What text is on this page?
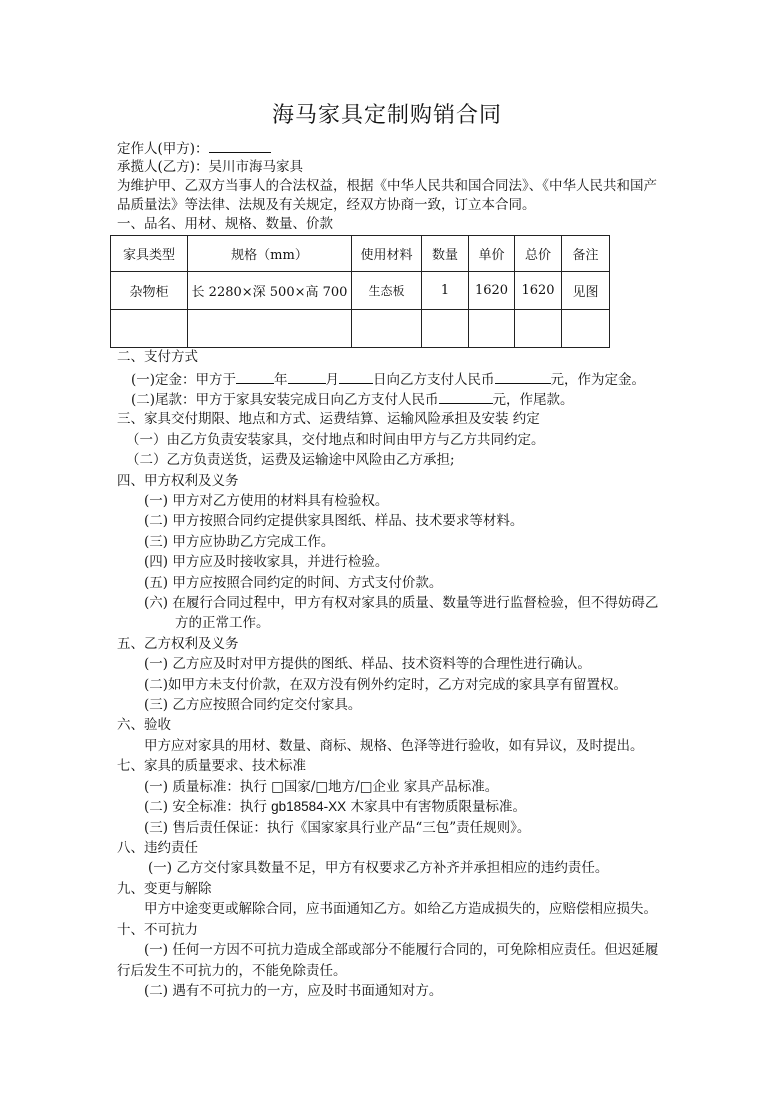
海马家具定制购销合同
定作人(甲方)：
承揽人(乙方)：吴川市海马家具
为维护甲、乙双方当事人的合法权益，根据《中华人民共和国合同法》、《中华人民共和国产
品质量法》等法律、法规及有关规定，经双方协商一致，订立本合同。
一、品名、用材、规格、数量、价款
家具类型	规格（mm）	使用材料	数量	单价	总价	备注
杂物柜	长 2280×深 500×高 700	生态板	1	1620	1620	见图

二、支付方式
(一)定金：甲方于	年	月	日向乙方支付人民币	元，作为定金。
(二)尾款：甲方于家具安装完成日向乙方支付人民币	元，作尾款。
三、家具交付期限、地点和方式、运费结算、运输风险承担及安装 约定
（一）由乙方负责安装家具，交付地点和时间由甲方与乙方共同约定。
（二）乙方负责送货，运费及运输途中风险由乙方承担;
四、甲方权利及义务
(一) 甲方对乙方使用的材料具有检验权。
(二) 甲方按照合同约定提供家具图纸、样品、技术要求等材料。
(三) 甲方应协助乙方完成工作。
(四) 甲方应及时接收家具，并进行检验。
(五) 甲方应按照合同约定的时间、方式支付价款。
(六) 在履行合同过程中，甲方有权对家具的质量、数量等进行监督检验，但不得妨碍乙
方的正常工作。
五、乙方权利及义务
(一) 乙方应及时对甲方提供的图纸、样品、技术资料等的合理性进行确认。
(二)如甲方未支付价款，在双方没有例外约定时，乙方对完成的家具享有留置权。
(三) 乙方应按照合同约定交付家具。
六、验收
甲方应对家具的用材、数量、商标、规格、色泽等进行验收，如有异议，及时提出。
七、家具的质量要求、技术标准
(一) 质量标准：执行 □国家/□地方/□企业 家具产品标准。
(二) 安全标准：执行 gb18584-XX 木家具中有害物质限量标准。
(三) 售后责任保证：执行《国家家具行业产品“三包”责任规则》。
八、违约责任
(一) 乙方交付家具数量不足，甲方有权要求乙方补齐并承担相应的违约责任。
九、变更与解除
甲方中途变更或解除合同，应书面通知乙方。如给乙方造成损失的，应赔偿相应损失。
十、不可抗力
(一) 任何一方因不可抗力造成全部或部分不能履行合同的，可免除相应责任。但迟延履
行后发生不可抗力的，不能免除责任。
(二) 遇有不可抗力的一方，应及时书面通知对方。
